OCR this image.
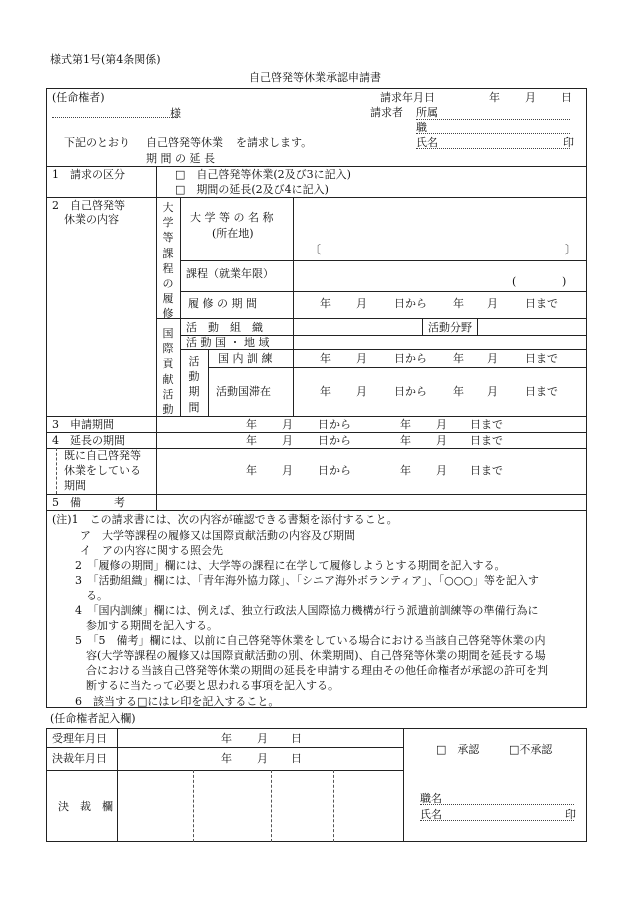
様式第1号(第4条関係)
自己啓発等休業承認申請書
(任命権者)
様
請求年月日	年 月 日
請求者 所属
職
氏名	印
下記のとおり 自己啓発等休業 を請求します。
期 間 の 延 長
1　請求の区分	□　自己啓発等休業(2及び3に記入)
□　期間の延長(2及び4に記入)
2　自己啓発等
休業の内容
大学等課程の履修
大 学 等 の 名 称
(所在地)
〔	〕
課程（就業年限）
(	)
履 修 の 期 間	年 月 日から 年 月 日まで
国際貢献活動
活　動　組　織	活動分野
活 動 国 ・ 地 域
活動期間
国 内 訓 練	年 月 日から 年 月 日まで
活動国滞在	年 月 日から 年 月 日まで
3　申請期間	年 月 日から	年 月 日まで
4　延長の期間	年 月 日から	年 月 日まで
既に自己啓発等
休業をしている
期間
年 月 日から	年 月 日まで
5　備　　　考
(注)1　この請求書には、次の内容が確認できる書類を添付すること。
ア　大学等課程の履修又は国際貢献活動の内容及び期間
イ　アの内容に関する照会先
2　「履修の期間」欄には、大学等の課程に在学して履修しようとする期間を記入する。
3　「活動組織」欄には、「青年海外協力隊」、「シニア海外ボランティア」、「○○○」等を記入す
る。
4　「国内訓練」欄には、例えば、独立行政法人国際協力機構が行う派遣前訓練等の準備行為に
参加する期間を記入する。
5　「5　備考」欄には、以前に自己啓発等休業をしている場合における当該自己啓発等休業の内
容(大学等課程の履修又は国際貢献活動の別、休業期間)、自己啓発等休業の期間を延長する場
合における当該自己啓発等休業の期間の延長を申請する理由その他任命権者が承認の許可を判
断するに当たって必要と思われる事項を記入する。
6　該当する□にはレ印を記入すること。
(任命権者記入欄)
受理年月日	年 月 日
決裁年月日	年 月 日
□　承認	□不承認
決　裁　欄
職名
氏名	印
